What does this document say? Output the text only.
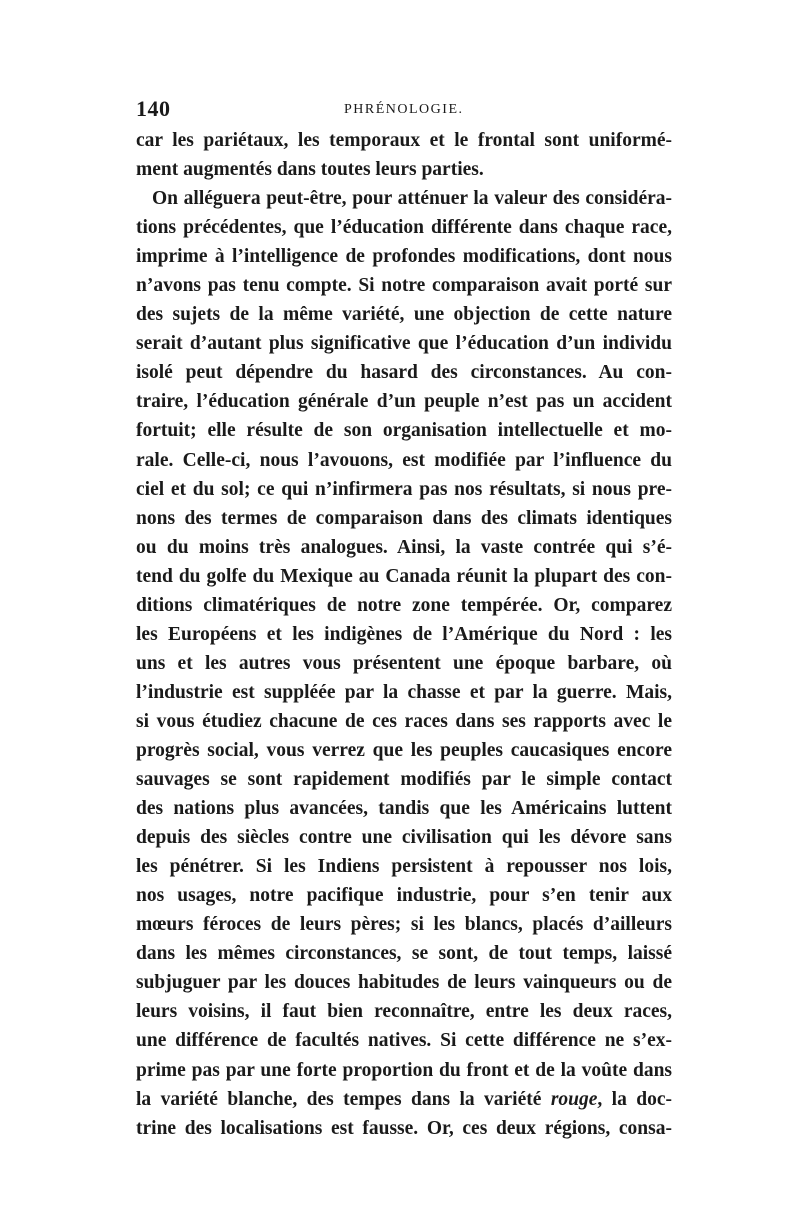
140	PHRÉNOLOGIE.
car les pariétaux, les temporaux et le frontal sont uniformé-
ment augmentés dans toutes leurs parties.
On alléguera peut-être, pour atténuer la valeur des considéra-
tions précédentes, que l’éducation différente dans chaque race,
imprime à l’intelligence de profondes modifications, dont nous
n’avons pas tenu compte. Si notre comparaison avait porté sur
des sujets de la même variété, une objection de cette nature
serait d’autant plus significative que l’éducation d’un individu
isolé peut dépendre du hasard des circonstances. Au con-
traire, l’éducation générale d’un peuple n’est pas un accident
fortuit; elle résulte de son organisation intellectuelle et mo-
rale. Celle-ci, nous l’avouons, est modifiée par l’influence du
ciel et du sol; ce qui n’infirmera pas nos résultats, si nous pre-
nons des termes de comparaison dans des climats identiques
ou du moins très analogues. Ainsi, la vaste contrée qui s’é-
tend du golfe du Mexique au Canada réunit la plupart des con-
ditions climatériques de notre zone tempérée. Or, comparez
les Européens et les indigènes de l’Amérique du Nord : les
uns et les autres vous présentent une époque barbare, où
l’industrie est suppléée par la chasse et par la guerre. Mais,
si vous étudiez chacune de ces races dans ses rapports avec le
progrès social, vous verrez que les peuples caucasiques encore
sauvages se sont rapidement modifiés par le simple contact
des nations plus avancées, tandis que les Américains luttent
depuis des siècles contre une civilisation qui les dévore sans
les pénétrer. Si les Indiens persistent à repousser nos lois,
nos usages, notre pacifique industrie, pour s’en tenir aux
mœurs féroces de leurs pères; si les blancs, placés d’ailleurs
dans les mêmes circonstances, se sont, de tout temps, laissé
subjuguer par les douces habitudes de leurs vainqueurs ou de
leurs voisins, il faut bien reconnaître, entre les deux races,
une différence de facultés natives. Si cette différence ne s’ex-
prime pas par une forte proportion du front et de la voûte dans
la variété blanche, des tempes dans la variété rouge, la doc-
trine des localisations est fausse. Or, ces deux régions, consa-
